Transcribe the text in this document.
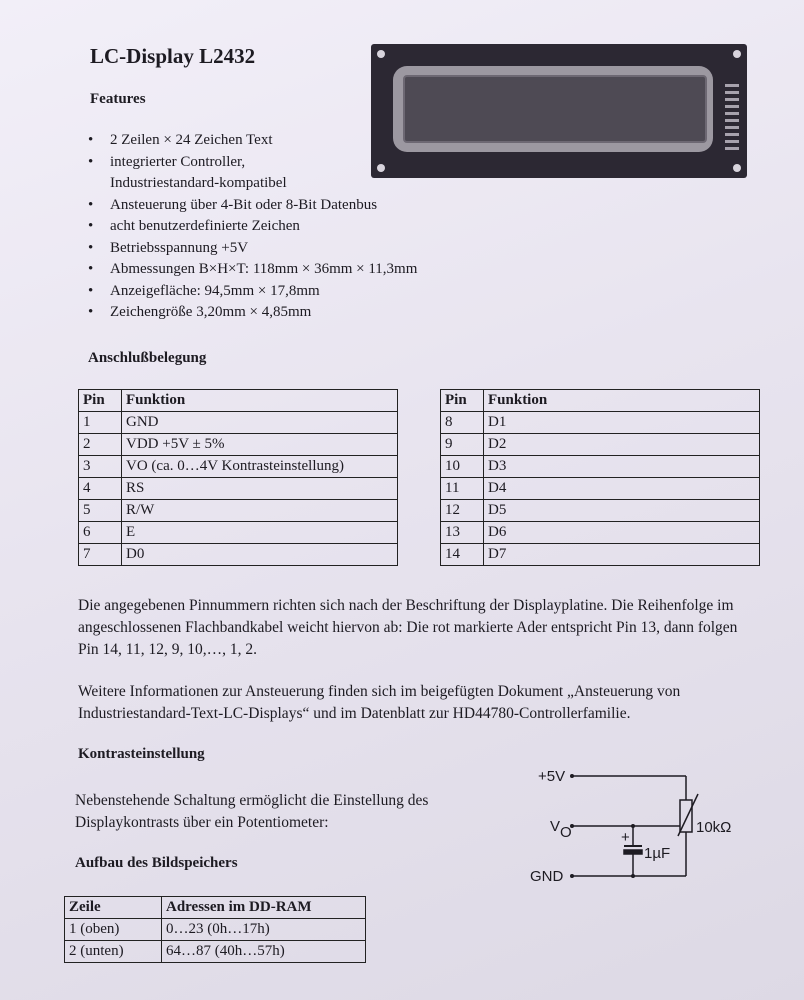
LC-Display L2432
Features
• 2 Zeilen × 24 Zeichen Text
• integrierter Controller,
Industriestandard-kompatibel
• Ansteuerung über 4-Bit oder 8-Bit Datenbus
• acht benutzerdefinierte Zeichen
• Betriebsspannung +5V
• Abmessungen B×H×T: 118mm × 36mm × 11,3mm
• Anzeigefläche: 94,5mm × 17,8mm
• Zeichengröße 3,20mm × 4,85mm
Anschlußbelegung
Pin	Funktion
1	GND
2	VDD +5V ± 5%
3	VO (ca. 0…4V Kontrasteinstellung)
4	RS
5	R/W
6	E
7	D0
Pin	Funktion
8	D1
9	D2
10	D3
11	D4
12	D5
13	D6
14	D7

Die angegebenen Pinnummern richten sich nach der Beschriftung der Displayplatine. Die Reihenfolge im angeschlossenen Flachbandkabel weicht hiervon ab: Die rot markierte Ader entspricht Pin 13, dann folgen Pin 14, 11, 12, 9, 10,…, 1, 2.

Weitere Informationen zur Ansteuerung finden sich im beigefügten Dokument „Ansteuerung von Industriestandard-Text-LC-Displays“ und im Datenblatt zur HD44780-Controllerfamilie.

Kontrasteinstellung

Nebenstehende Schaltung ermöglicht die Einstellung des Displaykontrasts über ein Potentiometer:

+5V
V O
GND
10kΩ
1µF
+
Aufbau des Bildspeichers
Zeile	Adressen im DD-RAM
1 (oben)	0…23 (0h…17h)
2 (unten)	64…87 (40h…57h)
